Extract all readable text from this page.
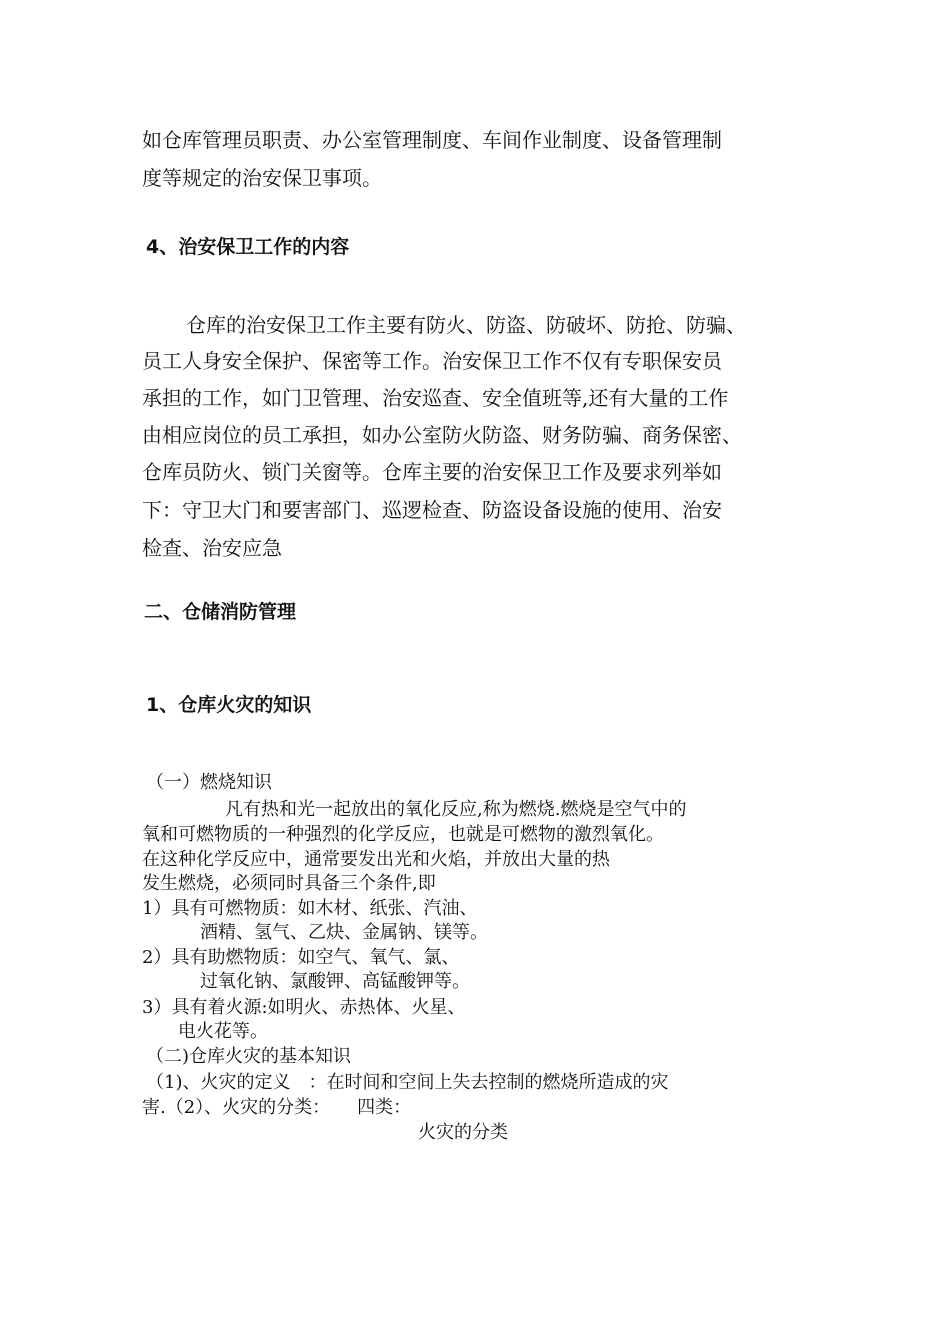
如仓库管理员职责、办公室管理制度、车间作业制度、设备管理制
度等规定的治安保卫事项。
4、治安保卫工作的内容
仓库的治安保卫工作主要有防火、防盗、防破坏、防抢、防骗、
员工人身安全保护、保密等工作。治安保卫工作不仅有专职保安员
承担的工作，如门卫管理、治安巡查、安全值班等,还有大量的工作
由相应岗位的员工承担，如办公室防火防盗、财务防骗、商务保密、
仓库员防火、锁门关窗等。仓库主要的治安保卫工作及要求列举如
下：守卫大门和要害部门、巡逻检查、防盗设备设施的使用、治安
检查、治安应急
二、仓储消防管理
1、仓库火灾的知识
（一）燃烧知识
凡有热和光一起放出的氧化反应,称为燃烧.燃烧是空气中的
氧和可燃物质的一种强烈的化学反应，也就是可燃物的激烈氧化。
在这种化学反应中，通常要发出光和火焰，并放出大量的热
发生燃烧，必须同时具备三个条件,即
1）具有可燃物质：如木材、纸张、汽油、
酒精、氢气、乙炔、金属钠、镁等。
2）具有助燃物质：如空气、氧气、氯、
过氧化钠、氯酸钾、高锰酸钾等。
3）具有着火源:如明火、赤热体、火星、
电火花等。
（二)仓库火灾的基本知识
（1)、火灾的定义　：在时间和空间上失去控制的燃烧所造成的灾
害.（2）、火灾的分类：　　四类：
火灾的分类
